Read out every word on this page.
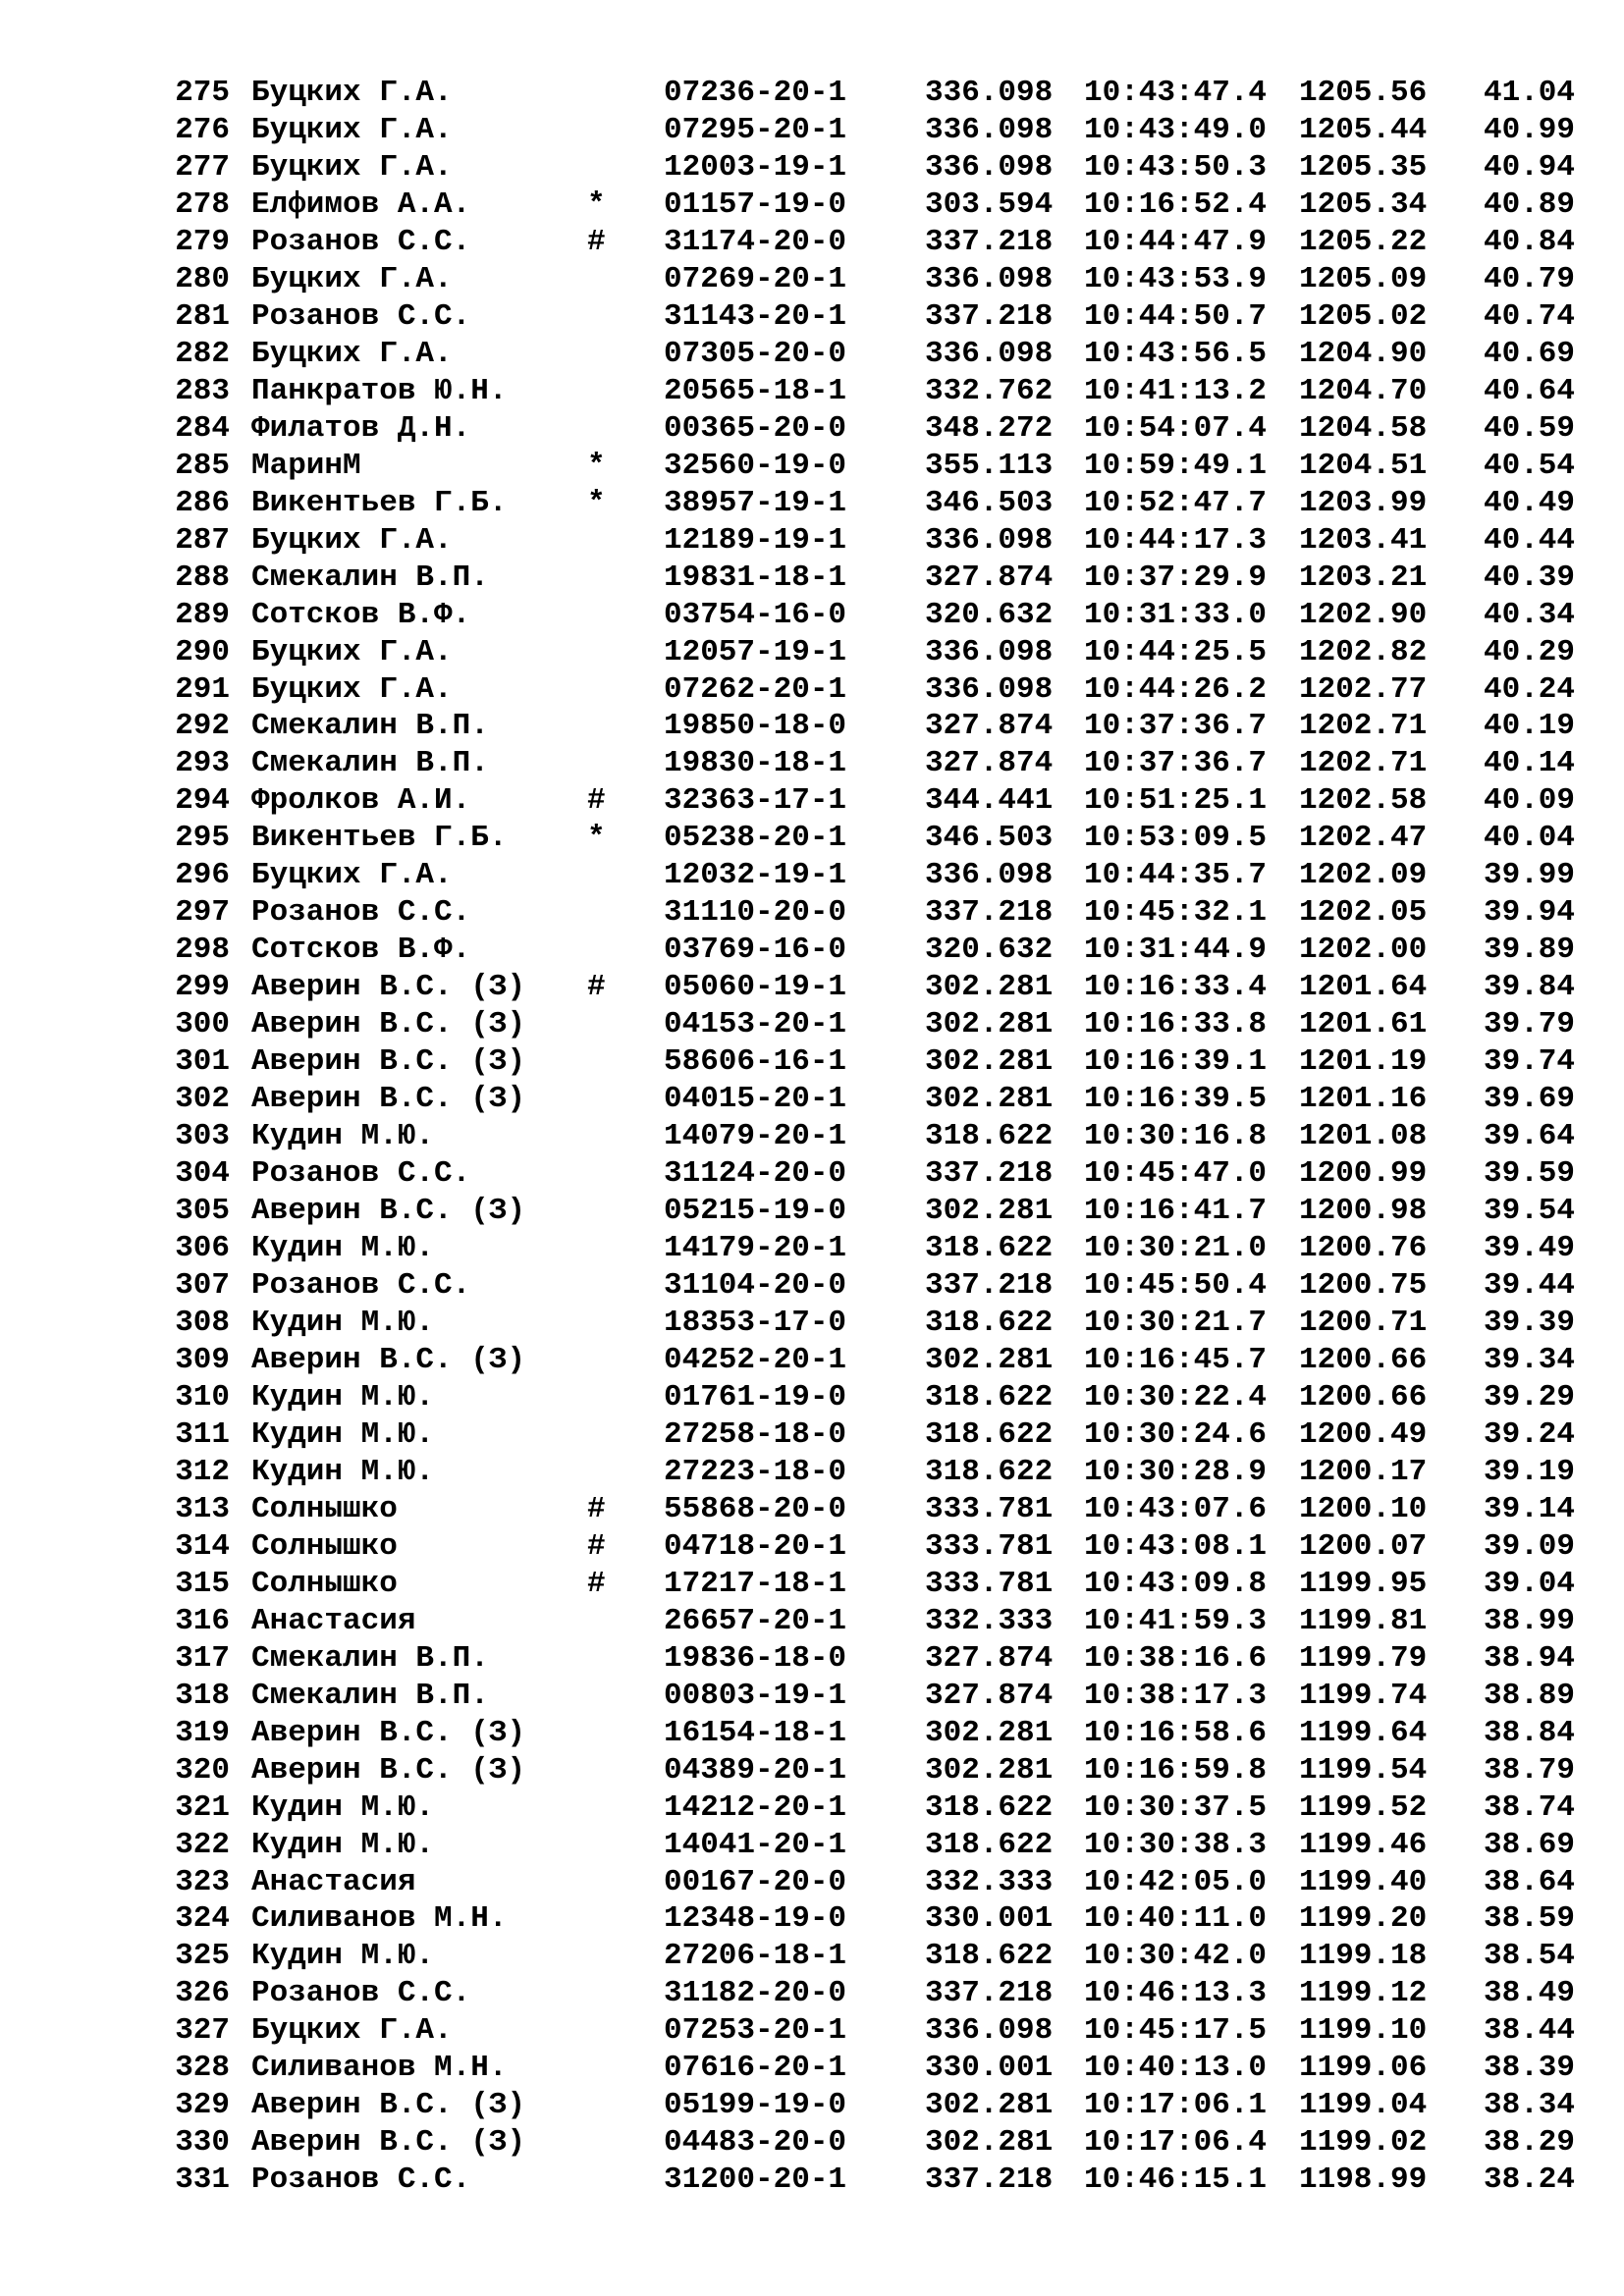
275 Буцких Г.А.	07236-20-1	336.098 10:43:47.4 1205.56 41.04
276 Буцких Г.А.	07295-20-1	336.098 10:43:49.0 1205.44 40.99
277 Буцких Г.А.	12003-19-1	336.098 10:43:50.3 1205.35 40.94
278 Елфимов А.А.	* 01157-19-0	303.594 10:16:52.4 1205.34 40.89
279 Розанов С.С.	# 31174-20-0	337.218 10:44:47.9 1205.22 40.84
280 Буцких Г.А.	07269-20-1	336.098 10:43:53.9 1205.09 40.79
281 Розанов С.С.	31143-20-1	337.218 10:44:50.7 1205.02 40.74
282 Буцких Г.А.	07305-20-0	336.098 10:43:56.5 1204.90 40.69
283 Панкратов Ю.Н.	20565-18-1	332.762 10:41:13.2 1204.70 40.64
284 Филатов Д.Н.	00365-20-0	348.272 10:54:07.4 1204.58 40.59
285 МаринМ	* 32560-19-0	355.113 10:59:49.1 1204.51 40.54
286 Викентьев Г.Б.	* 38957-19-1	346.503 10:52:47.7 1203.99 40.49
287 Буцких Г.А.	12189-19-1	336.098 10:44:17.3 1203.41 40.44
288 Смекалин В.П.	19831-18-1	327.874 10:37:29.9 1203.21 40.39
289 Сотсков В.Ф.	03754-16-0	320.632 10:31:33.0 1202.90 40.34
290 Буцких Г.А.	12057-19-1	336.098 10:44:25.5 1202.82 40.29
291 Буцких Г.А.	07262-20-1	336.098 10:44:26.2 1202.77 40.24
292 Смекалин В.П.	19850-18-0	327.874 10:37:36.7 1202.71 40.19
293 Смекалин В.П.	19830-18-1	327.874 10:37:36.7 1202.71 40.14
294 Фролков А.И.	# 32363-17-1	344.441 10:51:25.1 1202.58 40.09
295 Викентьев Г.Б.	* 05238-20-1	346.503 10:53:09.5 1202.47 40.04
296 Буцких Г.А.	12032-19-1	336.098 10:44:35.7 1202.09 39.99
297 Розанов С.С.	31110-20-0	337.218 10:45:32.1 1202.05 39.94
298 Сотсков В.Ф.	03769-16-0	320.632 10:31:44.9 1202.00 39.89
299 Аверин В.С. (З) # 05060-19-1	302.281 10:16:33.4 1201.64 39.84
300 Аверин В.С. (З)	04153-20-1	302.281 10:16:33.8 1201.61 39.79
301 Аверин В.С. (З)	58606-16-1	302.281 10:16:39.1 1201.19 39.74
302 Аверин В.С. (З)	04015-20-1	302.281 10:16:39.5 1201.16 39.69
303 Кудин М.Ю.	14079-20-1	318.622 10:30:16.8 1201.08 39.64
304 Розанов С.С.	31124-20-0	337.218 10:45:47.0 1200.99 39.59
305 Аверин В.С. (З)	05215-19-0	302.281 10:16:41.7 1200.98 39.54
306 Кудин М.Ю.	14179-20-1	318.622 10:30:21.0 1200.76 39.49
307 Розанов С.С.	31104-20-0	337.218 10:45:50.4 1200.75 39.44
308 Кудин М.Ю.	18353-17-0	318.622 10:30:21.7 1200.71 39.39
309 Аверин В.С. (З)	04252-20-1	302.281 10:16:45.7 1200.66 39.34
310 Кудин М.Ю.	01761-19-0	318.622 10:30:22.4 1200.66 39.29
311 Кудин М.Ю.	27258-18-0	318.622 10:30:24.6 1200.49 39.24
312 Кудин М.Ю.	27223-18-0	318.622 10:30:28.9 1200.17 39.19
313 Солнышко	# 55868-20-0	333.781 10:43:07.6 1200.10 39.14
314 Солнышко	# 04718-20-1	333.781 10:43:08.1 1200.07 39.09
315 Солнышко	# 17217-18-1	333.781 10:43:09.8 1199.95 39.04
316 Анастасия	26657-20-1	332.333 10:41:59.3 1199.81 38.99
317 Смекалин В.П.	19836-18-0	327.874 10:38:16.6 1199.79 38.94
318 Смекалин В.П.	00803-19-1	327.874 10:38:17.3 1199.74 38.89
319 Аверин В.С. (З)	16154-18-1	302.281 10:16:58.6 1199.64 38.84
320 Аверин В.С. (З)	04389-20-1	302.281 10:16:59.8 1199.54 38.79
321 Кудин М.Ю.	14212-20-1	318.622 10:30:37.5 1199.52 38.74
322 Кудин М.Ю.	14041-20-1	318.622 10:30:38.3 1199.46 38.69
323 Анастасия	00167-20-0	332.333 10:42:05.0 1199.40 38.64
324 Силиванов М.Н.	12348-19-0	330.001 10:40:11.0 1199.20 38.59
325 Кудин М.Ю.	27206-18-1	318.622 10:30:42.0 1199.18 38.54
326 Розанов С.С.	31182-20-0	337.218 10:46:13.3 1199.12 38.49
327 Буцких Г.А.	07253-20-1	336.098 10:45:17.5 1199.10 38.44
328 Силиванов М.Н.	07616-20-1	330.001 10:40:13.0 1199.06 38.39
329 Аверин В.С. (З)	05199-19-0	302.281 10:17:06.1 1199.04 38.34
330 Аверин В.С. (З)	04483-20-0	302.281 10:17:06.4 1199.02 38.29
331 Розанов С.С.	31200-20-1	337.218 10:46:15.1 1198.99 38.24
